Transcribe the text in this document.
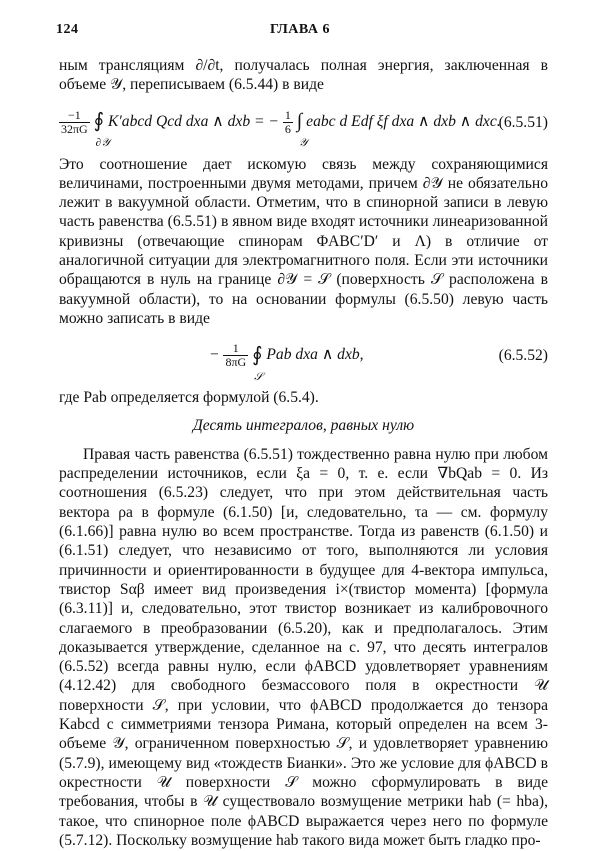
124	ГЛАВА 6

ным трансляциям ∂/∂t, получалась полная энергия, заключенная в объеме 𝒴, переписываем (6.5.44) в виде

$\frac{-1}{32\pi G}$ ∮
∂𝒴
K′abcd Qcd dxa ∧ dxb = − $\frac{1}{6}$ ∫
𝒴
eabc d Edf ξf dxa ∧ dxb ∧ dxc.
(6.5.51)

Это соотношение дает искомую связь между сохраняющимися величинами, построенными двумя методами, причем ∂𝒴 не обязательно лежит в вакуумной области. Отметим, что в спинорной записи в левую часть равенства (6.5.51) в явном виде входят источники линеаризованной кривизны (отвечающие спинорам ΦABC′D′ и Λ) в отличие от аналогичной ситуации для электромагнитного поля. Если эти источники обращаются в нуль на границе ∂𝒴 = 𝒮 (поверхность 𝒮 расположена в вакуумной области), то на основании формулы (6.5.50) левую часть можно записать в виде

− $\frac{1}{8\pi G}$ ∮
𝒮
Pab dxa ∧ dxb,	(6.5.52)

где Pab определяется формулой (6.5.4).

Десять интегралов, равных нулю

Правая часть равенства (6.5.51) тождественно равна нулю при любом распределении источников, если ξa = 0, т. е. если ∇bQab = 0. Из соотношения (6.5.23) следует, что при этом действительная часть вектора ρa в формуле (6.1.50) [и, следовательно, τa — см. формулу (6.1.66)] равна нулю во всем пространстве. Тогда из равенств (6.1.50) и (6.1.51) следует, что независимо от того, выполняются ли условия причинности и ориентированности в будущее для 4-вектора импульса, твистор Sαβ имеет вид произведения i×(твистор момента) [формула (6.3.11)] и, следовательно, этот твистор возникает из калибровочного слагаемого в преобразовании (6.5.20), как и предполагалось. Этим доказывается утверждение, сделанное на с. 97, что десять интегралов (6.5.52) всегда равны нулю, если ϕABCD удовлетворяет уравнениям (4.12.42) для свободного безмассового поля в окрестности 𝒰 поверхности 𝒮, при условии, что ϕABCD продолжается до тензора Kabcd с симметриями тензора Римана, который определен на всем 3-объеме 𝒴, ограниченном поверхностью 𝒮, и удовлетворяет уравнению (5.7.9), имеющему вид «тождеств Бианки». Это же условие для ϕABCD в окрестности 𝒰 поверхности 𝒮 можно сформулировать в виде требования, чтобы в 𝒰 существовало возмущение метрики hab (= hba), такое, что спинорное поле ϕABCD выражается через него по формуле (5.7.12). Поскольку возмущение hab такого вида может быть гладко про-
